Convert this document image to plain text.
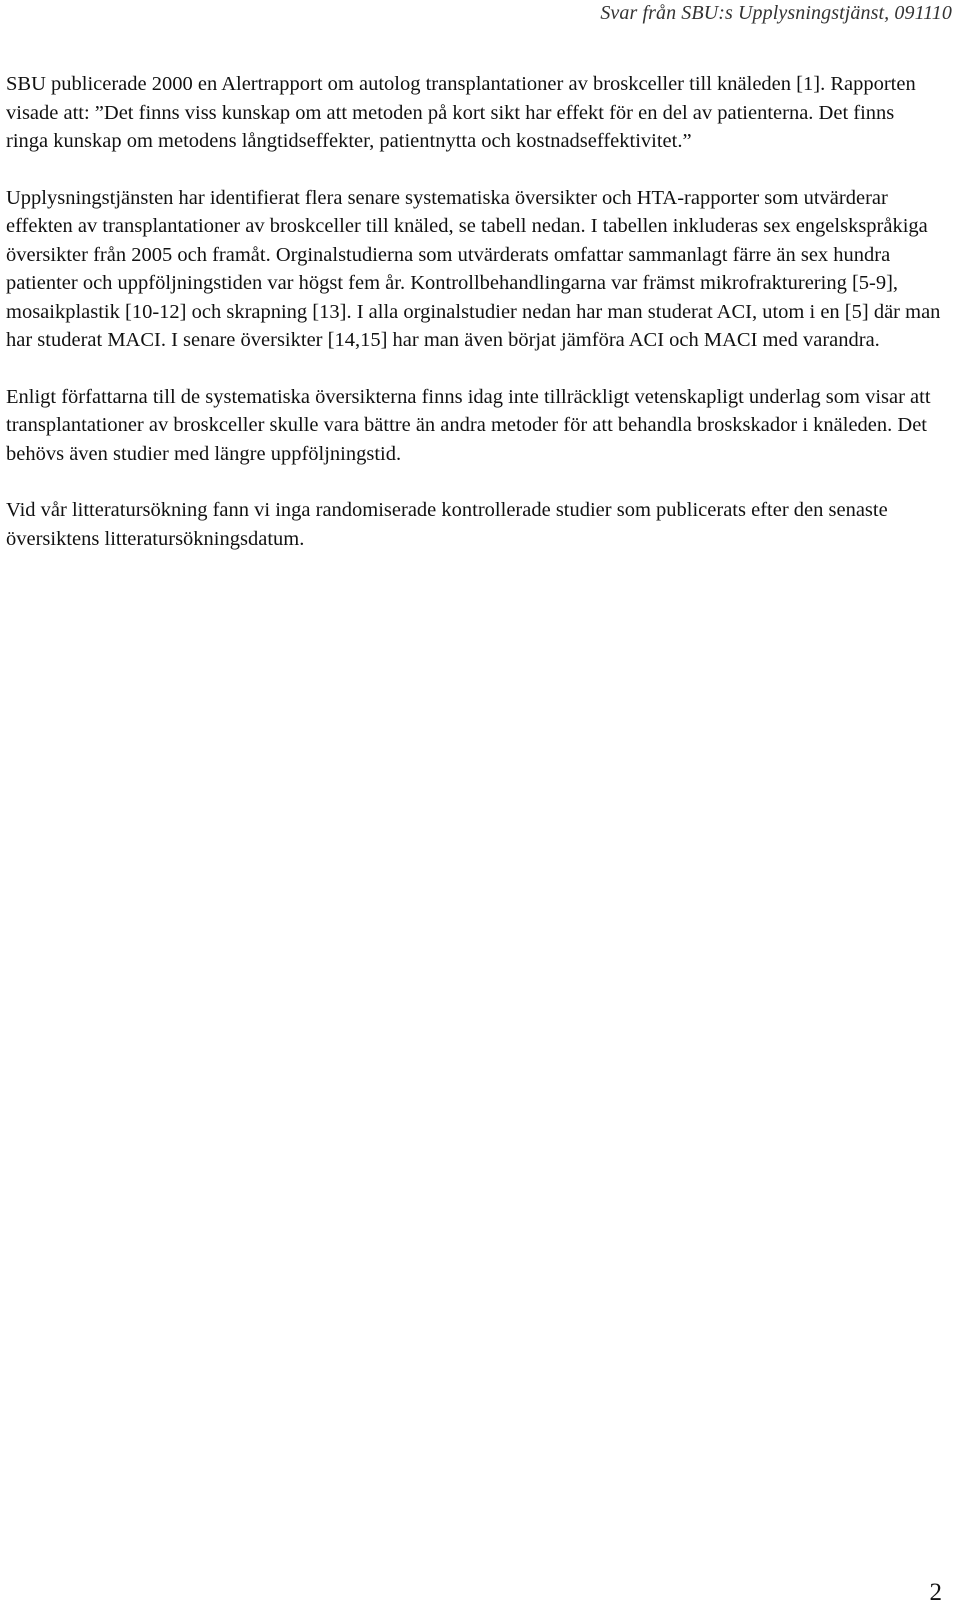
Svar från SBU:s Upplysningstjänst, 091110

SBU publicerade 2000 en Alertrapport om autolog transplantationer av broskceller till knäleden [1]. Rapporten visade att: ”Det finns viss kunskap om att metoden på kort sikt har effekt för en del av patienterna. Det finns ringa kunskap om metodens långtidseffekter, patientnytta och kostnadseffektivitet.”

Upplysningstjänsten har identifierat flera senare systematiska översikter och HTA-rapporter som utvärderar effekten av transplantationer av broskceller till knäled, se tabell nedan. I tabellen inkluderas sex engelskspråkiga översikter från 2005 och framåt. Orginalstudierna som utvärderats omfattar sammanlagt färre än sex hundra patienter och uppföljningstiden var högst fem år. Kontrollbehandlingarna var främst mikrofrakturering [5-9], mosaikplastik [10-12] och skrapning [13]. I alla orginalstudier nedan har man studerat ACI, utom i en [5] där man har studerat MACI. I senare översikter [14,15] har man även börjat jämföra ACI och MACI med varandra.

Enligt författarna till de systematiska översikterna finns idag inte tillräckligt vetenskapligt underlag som visar att transplantationer av broskceller skulle vara bättre än andra metoder för att behandla broskskador i knäleden. Det behövs även studier med längre uppföljningstid.

Vid vår litteratursökning fann vi inga randomiserade kontrollerade studier som publicerats efter den senaste översiktens litteratursökningsdatum.

2
